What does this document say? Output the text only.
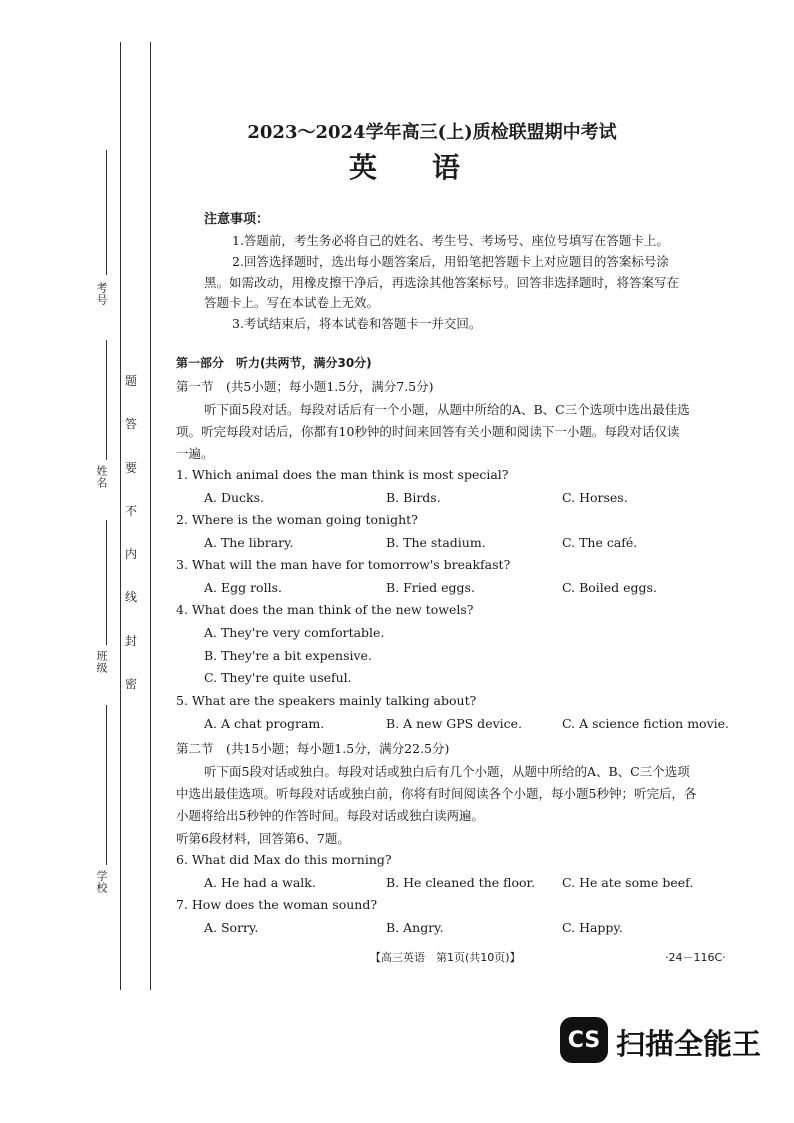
考号
姓名
班级
学校
题
答
要
不
内
线
封
密
2023～2024学年高三(上)质检联盟期中考试
英语
注意事项：
1.答题前，考生务必将自己的姓名、考生号、考场号、座位号填写在答题卡上。
2.回答选择题时，选出每小题答案后，用铅笔把答题卡上对应题目的答案标号涂
黑。如需改动，用橡皮擦干净后，再选涂其他答案标号。回答非选择题时，将答案写在
答题卡上。写在本试卷上无效。
3.考试结束后，将本试卷和答题卡一并交回。
第一部分　听力(共两节，满分30分)
第一节　(共5小题；每小题1.5分，满分7.5分)
听下面5段对话。每段对话后有一个小题，从题中所给的A、B、C三个选项中选出最佳选
项。听完每段对话后，你都有10秒钟的时间来回答有关小题和阅读下一小题。每段对话仅读
一遍。
1. Which animal does the man think is most special?
A. Ducks.	B. Birds.	C. Horses.
2. Where is the woman going tonight?
A. The library.	B. The stadium.	C. The café.
3. What will the man have for tomorrow's breakfast?
A. Egg rolls.	B. Fried eggs.	C. Boiled eggs.
4. What does the man think of the new towels?
A. They're very comfortable.
B. They're a bit expensive.
C. They're quite useful.
5. What are the speakers mainly talking about?
A. A chat program.	B. A new GPS device.	C. A science fiction movie.
第二节　(共15小题；每小题1.5分，满分22.5分)
听下面5段对话或独白。每段对话或独白后有几个小题，从题中所给的A、B、C三个选项
中选出最佳选项。听每段对话或独白前，你将有时间阅读各个小题，每小题5秒钟；听完后，各
小题将给出5秒钟的作答时间。每段对话或独白读两遍。
听第6段材料，回答第6、7题。
6. What did Max do this morning?
A. He had a walk.	B. He cleaned the floor. C. He ate some beef.
7. How does the woman sound?
A. Sorry.	B. Angry.	C. Happy.
【高三英语　第1页(共10页)】	·24－116C·
CS 扫描全能王
